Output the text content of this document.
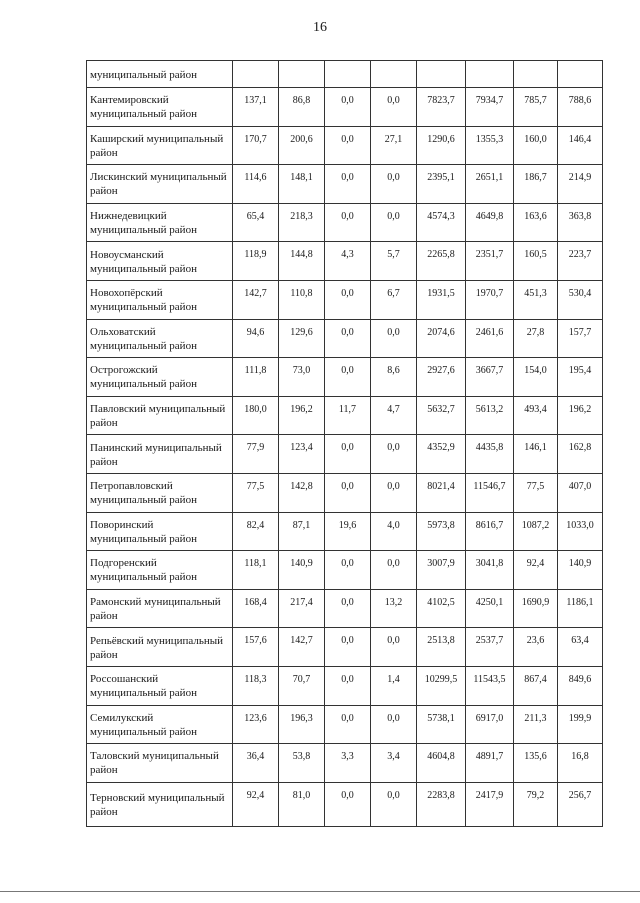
16
муниципальный район								
Кантемировский муниципальный район	137,1	86,8	0,0	0,0	7823,7	7934,7	785,7	788,6
Каширский муниципальный район	170,7	200,6	0,0	27,1	1290,6	1355,3	160,0	146,4
Лискинский муниципальный район	114,6	148,1	0,0	0,0	2395,1	2651,1	186,7	214,9
Нижнедевицкий муниципальный район	65,4	218,3	0,0	0,0	4574,3	4649,8	163,6	363,8
Новоусманский муниципальный район	118,9	144,8	4,3	5,7	2265,8	2351,7	160,5	223,7
Новохопёрский муниципальный район	142,7	110,8	0,0	6,7	1931,5	1970,7	451,3	530,4
Ольховатский муниципальный район	94,6	129,6	0,0	0,0	2074,6	2461,6	27,8	157,7
Острогожский муниципальный район	111,8	73,0	0,0	8,6	2927,6	3667,7	154,0	195,4
Павловский муниципальный район	180,0	196,2	11,7	4,7	5632,7	5613,2	493,4	196,2
Панинский муниципальный район	77,9	123,4	0,0	0,0	4352,9	4435,8	146,1	162,8
Петропавловский муниципальный район	77,5	142,8	0,0	0,0	8021,4	11546,7	77,5	407,0
Поворинский муниципальный район	82,4	87,1	19,6	4,0	5973,8	8616,7	1087,2	1033,0
Подгоренский муниципальный район	118,1	140,9	0,0	0,0	3007,9	3041,8	92,4	140,9
Рамонский муниципальный район	168,4	217,4	0,0	13,2	4102,5	4250,1	1690,9	1186,1
Репьёвский муниципальный район	157,6	142,7	0,0	0,0	2513,8	2537,7	23,6	63,4
Россошанский муниципальный район	118,3	70,7	0,0	1,4	10299,5	11543,5	867,4	849,6
Семилукский муниципальный район	123,6	196,3	0,0	0,0	5738,1	6917,0	211,3	199,9
Таловский муниципальный район	36,4	53,8	3,3	3,4	4604,8	4891,7	135,6	16,8
Терновский муниципальный район	92,4	81,0	0,0	0,0	2283,8	2417,9	79,2	256,7
